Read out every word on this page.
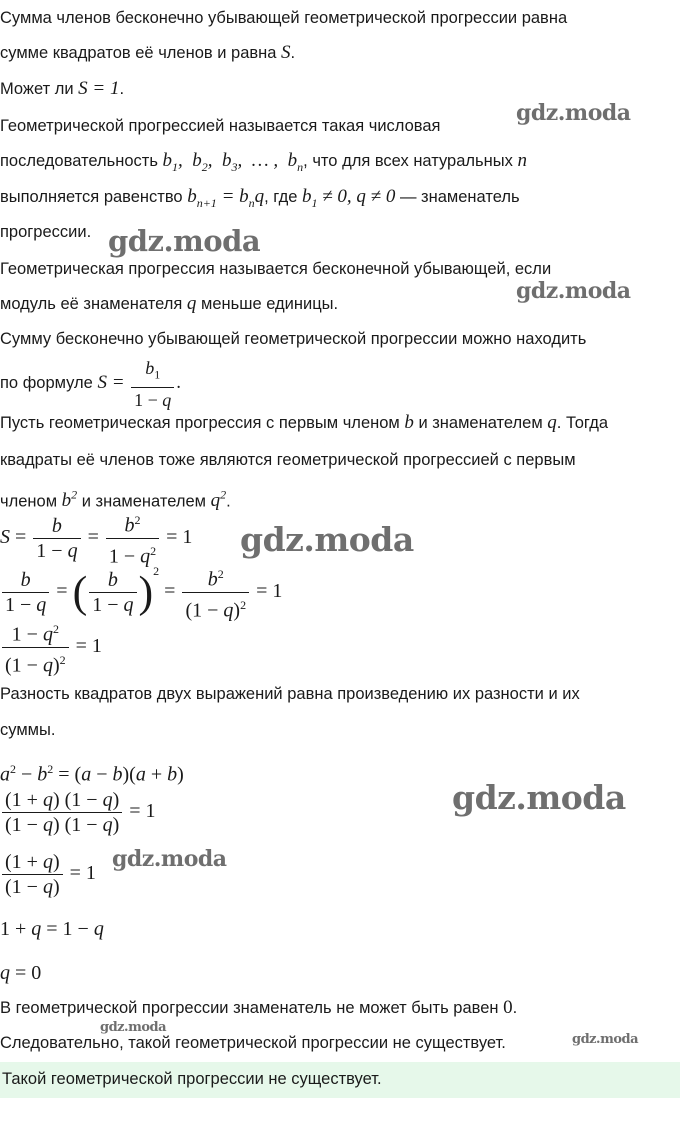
Сумма членов бесконечно убывающей геометрической прогрессии равна
сумме квадратов её членов и равна S.
Может ли S = 1.
Геометрической прогрессией называется такая числовая
последовательность $b_1$,  $b_2$,  $b_3$,  … ,  $b_n$, что для всех натуральных n
выполняется равенство $b_{n+1} = b_nq$, где $b_1 \ne 0$, q ≠ 0 — знаменатель
прогрессии.
Геометрическая прогрессия называется бесконечной убывающей, если
модуль её знаменателя q меньше единицы.
Сумму бесконечно убывающей геометрической прогрессии можно находить
по формуле $S = \frac{b_1}{1 - q}$ .
Пусть геометрическая прогрессия с первым членом b и знаменателем q. Тогда
квадраты её членов тоже являются геометрической прогрессией с первым
членом $b^2$ и знаменателем $q^2$.
$S = \frac{b}{1 - q} = \frac{b^2}{1 - q^2} = 1$
$\frac{b}{1 - q}$ = ( $\frac{b}{1 - q} )^2 = \frac{b^2}{(1 - q)^2} = 1$
$\frac{1 - q^2}{(1 - q)^2} = 1$
Разность квадратов двух выражений равна произведению их разности и их
суммы.
$a^2 - b^2 = (a - b)(a + b)$
$\frac{(1 + q) (1 - q)}{(1 - q) (1 - q)} = 1$
$\frac{(1 + q)}{(1 - q)} = 1$
1 + q = 1 − q
q = 0
В геометрической прогрессии знаменатель не может быть равен 0.
Следовательно, такой геометрической прогрессии не существует.
Такой геометрической прогрессии не существует.
gdz.moda
gdz.moda
gdz.moda
gdz.moda
gdz.moda
gdz.moda
gdz.moda
gdz.moda
